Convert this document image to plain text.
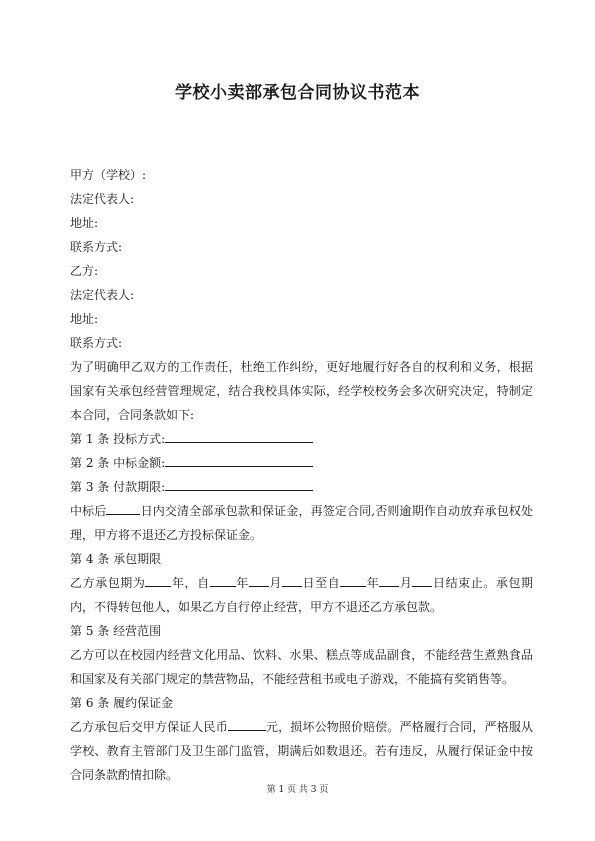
学校小卖部承包合同协议书范本

甲方（学校）:

法定代表人:

地址:

联系方式:

乙方:

法定代表人:

地址:

联系方式:

为了明确甲乙双方的工作责任，杜绝工作纠纷，更好地履行好各自的权利和义务，根据国家有关承包经营管理规定，结合我校具体实际，经学校校务会多次研究决定，特制定本合同，合同条款如下:

第 1 条 投标方式:

第 2 条 中标金额:

第 3 条 付款期限:

中标后	日内交清全部承包款和保证金，再签定合同,否则逾期作自动放弃承包权处理，甲方将不退还乙方投标保证金。

第 4 条 承包期限

乙方承包期为 年，自 年 月 日至自 年 月 日结束止。承包期内，不得转包他人，如果乙方自行停止经营，甲方不退还乙方承包款。

第 5 条 经营范围

乙方可以在校园内经营文化用品、饮料、水果、糕点等成品副食，不能经营生煮熟食品和国家及有关部门规定的禁营物品，不能经营租书或电子游戏，不能搞有奖销售等。

第 6 条 履约保证金

乙方承包后交甲方保证人民币	元，损坏公物照价赔偿。严格履行合同，严格服从学校、教育主管部门及卫生部门监管，期满后如数退还。若有违反，从履行保证金中按合同条款酌情扣除。

第 1 页 共 3 页
